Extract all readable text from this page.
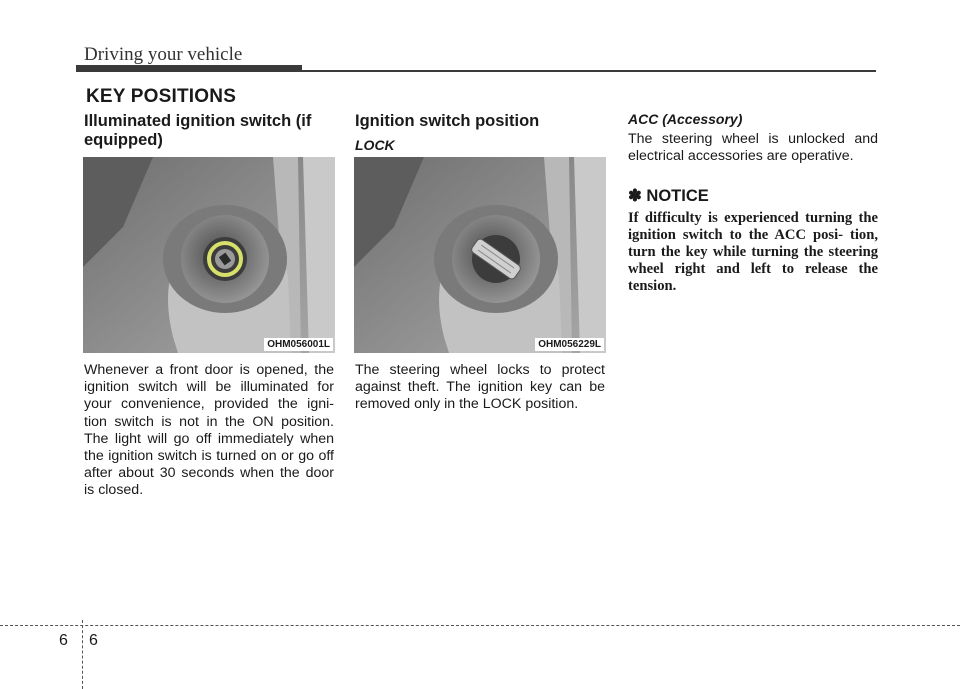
Driving your vehicle
KEY POSITIONS
Illuminated ignition switch (if equipped)
OHM056001L
Whenever a front door is opened, the ignition switch will be illuminated for your convenience, provided the igni- tion switch is not in the ON position. The light will go off immediately when the ignition switch is turned on or go off after about 30 seconds when the door is closed.
Ignition switch position
LOCK
OHM056229L
The steering wheel locks to protect against theft. The ignition key can be removed only in the LOCK position.
ACC (Accessory)
The steering wheel is unlocked and electrical accessories are operative.
✽ NOTICE
If difficulty is experienced turning the ignition switch to the ACC posi- tion, turn the key while turning the steering wheel right and left to release the tension.
6 6
